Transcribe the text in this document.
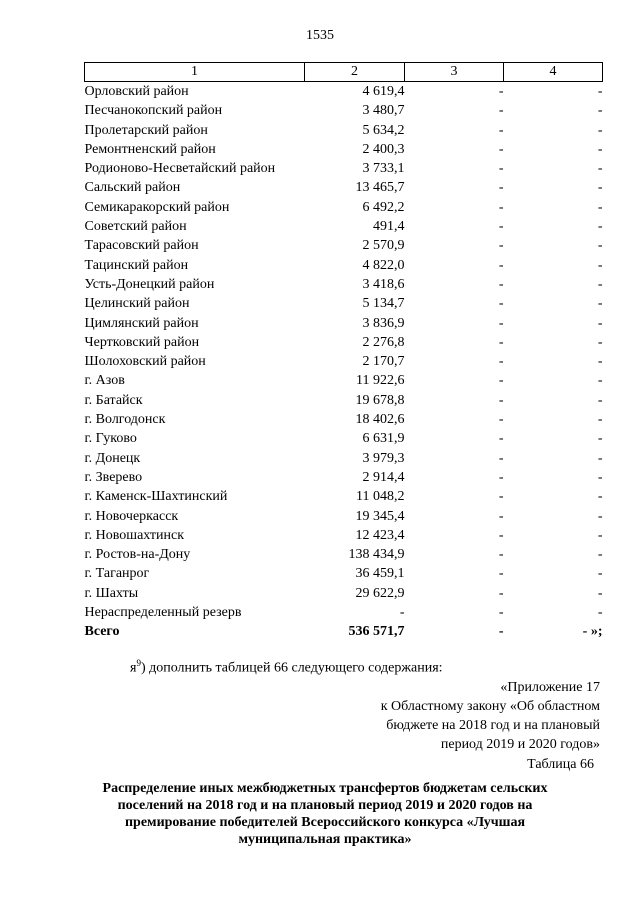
1535
1	2	3	4
Орловский район	4 619,4	-	-
Песчанокопский район	3 480,7	-	-
Пролетарский район	5 634,2	-	-
Ремонтненский район	2 400,3	-	-
Родионово-Несветайский район	3 733,1	-	-
Сальский район	13 465,7	-	-
Семикаракорский район	6 492,2	-	-
Советский район	491,4	-	-
Тарасовский район	2 570,9	-	-
Тацинский район	4 822,0	-	-
Усть-Донецкий район	3 418,6	-	-
Целинский район	5 134,7	-	-
Цимлянский район	3 836,9	-	-
Чертковский район	2 276,8	-	-
Шолоховский район	2 170,7	-	-
г. Азов	11 922,6	-	-
г. Батайск	19 678,8	-	-
г. Волгодонск	18 402,6	-	-
г. Гуково	6 631,9	-	-
г. Донецк	3 979,3	-	-
г. Зверево	2 914,4	-	-
г. Каменск-Шахтинский	11 048,2	-	-
г. Новочеркасск	19 345,4	-	-
г. Новошахтинск	12 423,4	-	-
г. Ростов-на-Дону	138 434,9	-	-
г. Таганрог	36 459,1	-	-
г. Шахты	29 622,9	-	-
Нераспределенный резерв	-	-	-
Всего	536 571,7	-	- »;
$я^9$) дополнить таблицей 66 следующего содержания:
«Приложение 17
к Областному закону «Об областном
бюджете на 2018 год и на плановый
период 2019 и 2020 годов»
Таблица 66
Распределение иных межбюджетных трансфертов бюджетам сельских
поселений на 2018 год и на плановый период 2019 и 2020 годов на
премирование победителей Всероссийского конкурса «Лучшая
муниципальная практика»
